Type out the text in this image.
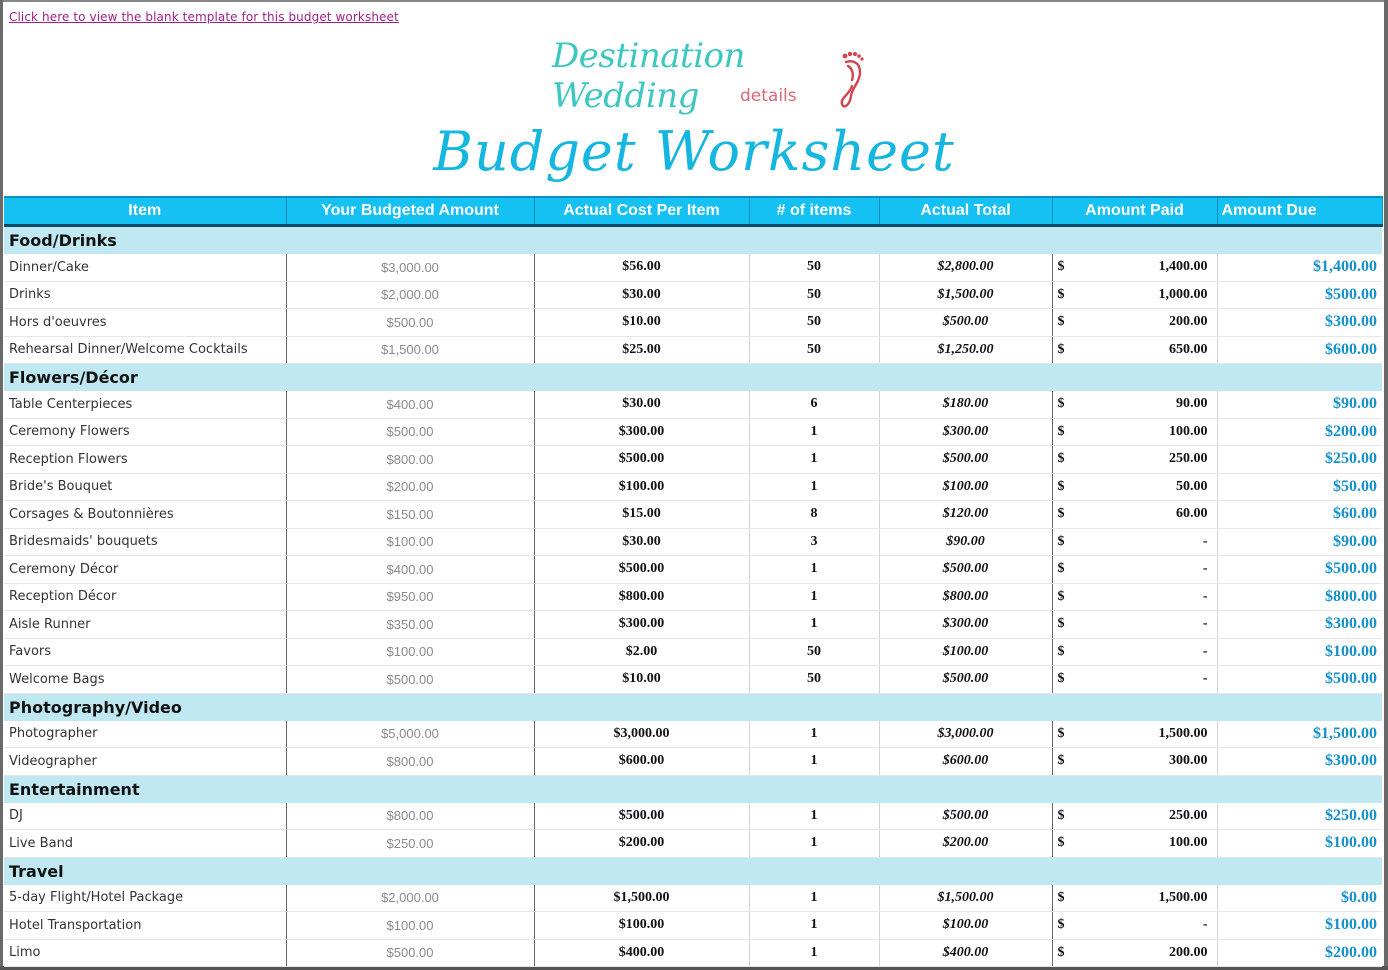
Click here to view the blank template for this budget worksheet
Destination Wedding	details
Budget Worksheet
Item	Your Budgeted Amount	Actual Cost Per Item	# of items	Actual Total	Amount Paid	Amount Due
Food/Drinks						
Dinner/Cake	$3,000.00	$56.00	50	$2,800.00	$ 1,400.00	$1,400.00
Drinks	$2,000.00	$30.00	50	$1,500.00	$ 1,000.00	$500.00
Hors d'oeuvres	$500.00	$10.00	50	$500.00	$ 200.00	$300.00
Rehearsal Dinner/Welcome Cocktails	$1,500.00	$25.00	50	$1,250.00	$ 650.00	$600.00
Flowers/Décor						
Table Centerpieces	$400.00	$30.00	6	$180.00	$ 90.00	$90.00
Ceremony Flowers	$500.00	$300.00	1	$300.00	$ 100.00	$200.00
Reception Flowers	$800.00	$500.00	1	$500.00	$ 250.00	$250.00
Bride's Bouquet	$200.00	$100.00	1	$100.00	$ 50.00	$50.00
Corsages & Boutonnières	$150.00	$15.00	8	$120.00	$ 60.00	$60.00
Bridesmaids' bouquets	$100.00	$30.00	3	$90.00	$ -	$90.00
Ceremony Décor	$400.00	$500.00	1	$500.00	$ -	$500.00
Reception Décor	$950.00	$800.00	1	$800.00	$ -	$800.00
Aisle Runner	$350.00	$300.00	1	$300.00	$ -	$300.00
Favors	$100.00	$2.00	50	$100.00	$ -	$100.00
Welcome Bags	$500.00	$10.00	50	$500.00	$ -	$500.00
Photography/Video						
Photographer	$5,000.00	$3,000.00	1	$3,000.00	$ 1,500.00	$1,500.00
Videographer	$800.00	$600.00	1	$600.00	$ 300.00	$300.00
Entertainment						
DJ	$800.00	$500.00	1	$500.00	$ 250.00	$250.00
Live Band	$250.00	$200.00	1	$200.00	$ 100.00	$100.00
Travel						
5-day Flight/Hotel Package	$2,000.00	$1,500.00	1	$1,500.00	$ 1,500.00	$0.00
Hotel Transportation	$100.00	$100.00	1	$100.00	$ -	$100.00
Limo	$500.00	$400.00	1	$400.00	$ 200.00	$200.00
